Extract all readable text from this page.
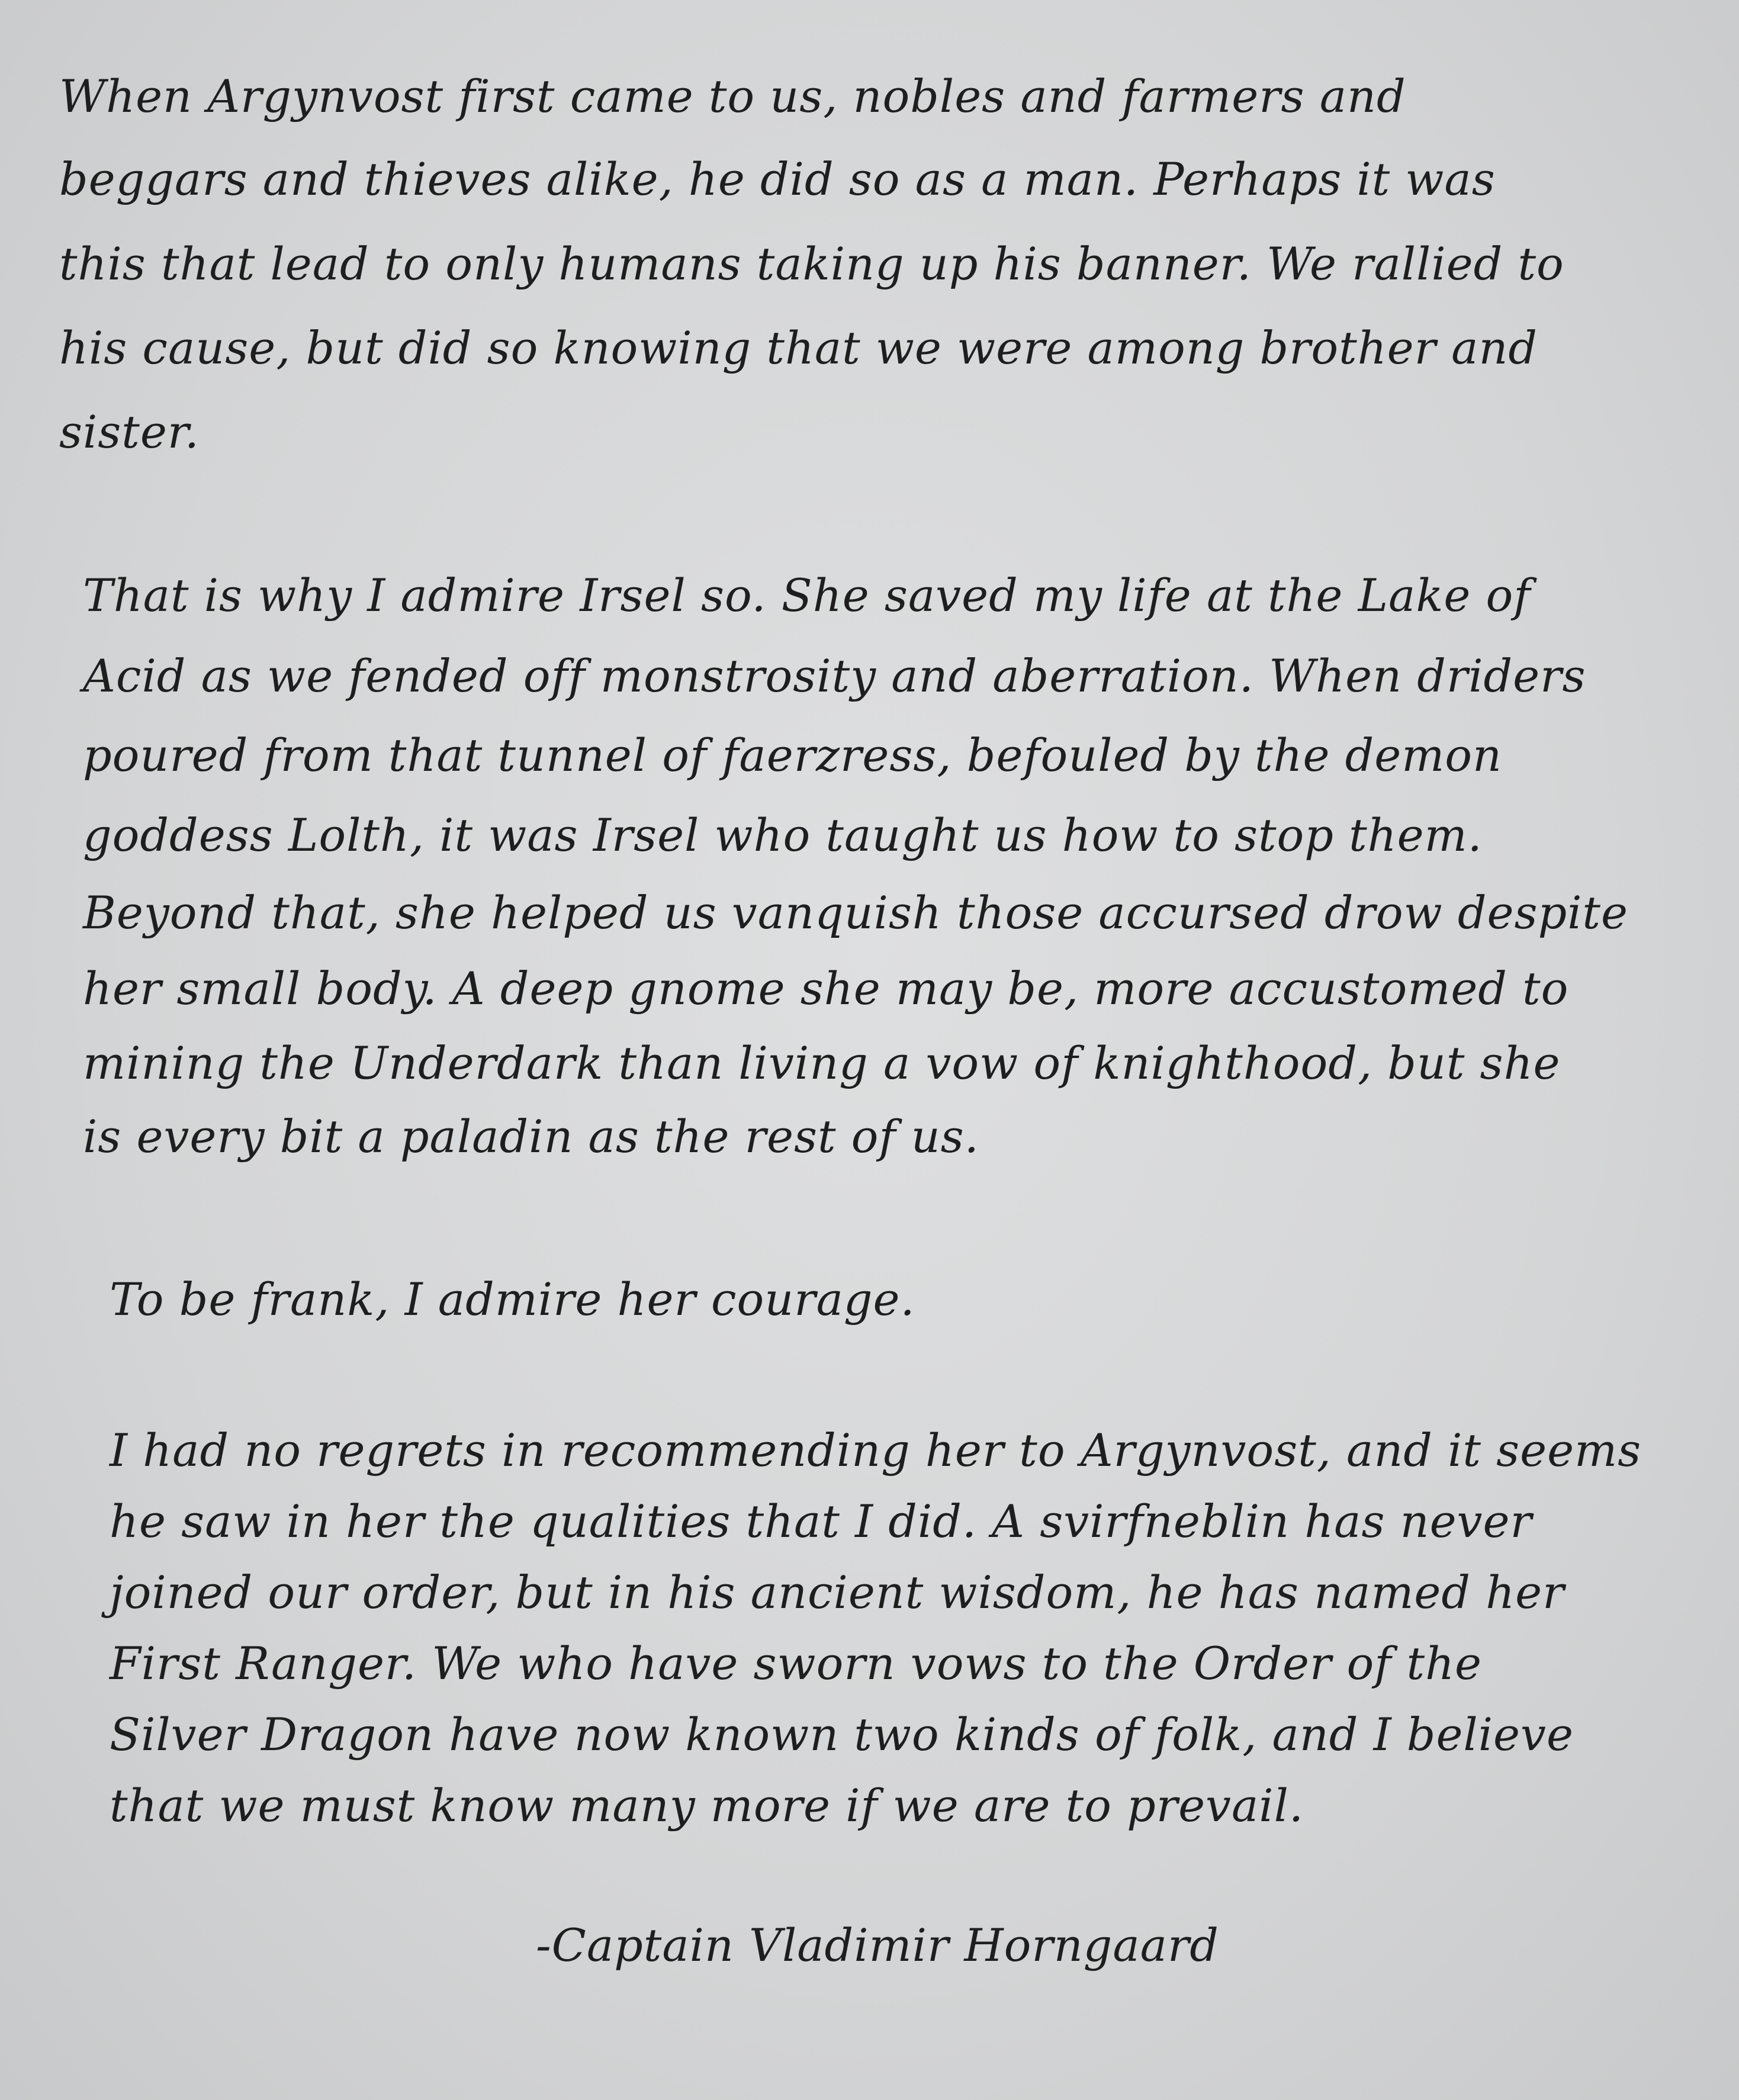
When Argynvost first came to us, nobles and farmers and
beggars and thieves alike, he did so as a man. Perhaps it was
this that lead to only humans taking up his banner. We rallied to
his cause, but did so knowing that we were among brother and
sister.
That is why I admire Irsel so. She saved my life at the Lake of
Acid as we fended off monstrosity and aberration. When driders
poured from that tunnel of faerzress, befouled by the demon
goddess Lolth, it was Irsel who taught us how to stop them.
Beyond that, she helped us vanquish those accursed drow despite
her small body. A deep gnome she may be, more accustomed to
mining the Underdark than living a vow of knighthood, but she
is every bit a paladin as the rest of us.
To be frank, I admire her courage.
I had no regrets in recommending her to Argynvost, and it seems
he saw in her the qualities that I did. A svirfneblin has never
joined our order, but in his ancient wisdom, he has named her
First Ranger. We who have sworn vows to the Order of the
Silver Dragon have now known two kinds of folk, and I believe
that we must know many more if we are to prevail.
-Captain Vladimir Horngaard
